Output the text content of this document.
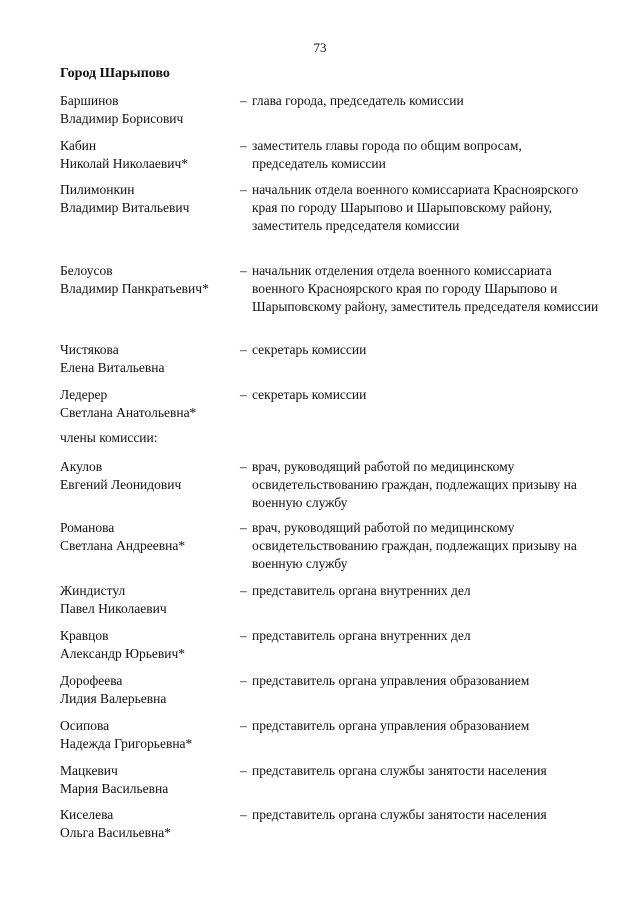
73
Город Шарыпово
Баршинов
Владимир Борисович
– глава города, председатель комиссии
Кабин
Николай Николаевич*
– заместитель главы города по общим вопросам, председатель комиссии
Пилимонкин
Владимир Витальевич
– начальник отдела военного комиссариата Красноярского края по городу Шарыпово и Шарыповскому району, заместитель председателя комиссии
Белоусов
Владимир Панкратьевич*
– начальник отделения отдела военного комиссариата военного Красноярского края по городу Шарыпово и Шарыповскому району, заместитель председателя комиссии
Чистякова
Елена Витальевна
– секретарь комиссии
Ледерер
Светлана Анатольевна*
– секретарь комиссии
члены комиссии:
Акулов
Евгений Леонидович
– врач, руководящий работой по медицинскому освидетельствованию граждан, подлежащих призыву на военную службу
Романова
Светлана Андреевна*
– врач, руководящий работой по медицинскому освидетельствованию граждан, подлежащих призыву на военную службу
Жиндистул
Павел Николаевич
– представитель органа внутренних дел
Кравцов
Александр Юрьевич*
– представитель органа внутренних дел
Дорофеева
Лидия Валерьевна
– представитель органа управления образованием
Осипова
Надежда Григорьевна*
– представитель органа управления образованием
Мацкевич
Мария Васильевна
– представитель органа службы занятости населения
Киселева
Ольга Васильевна*
– представитель органа службы занятости населения
